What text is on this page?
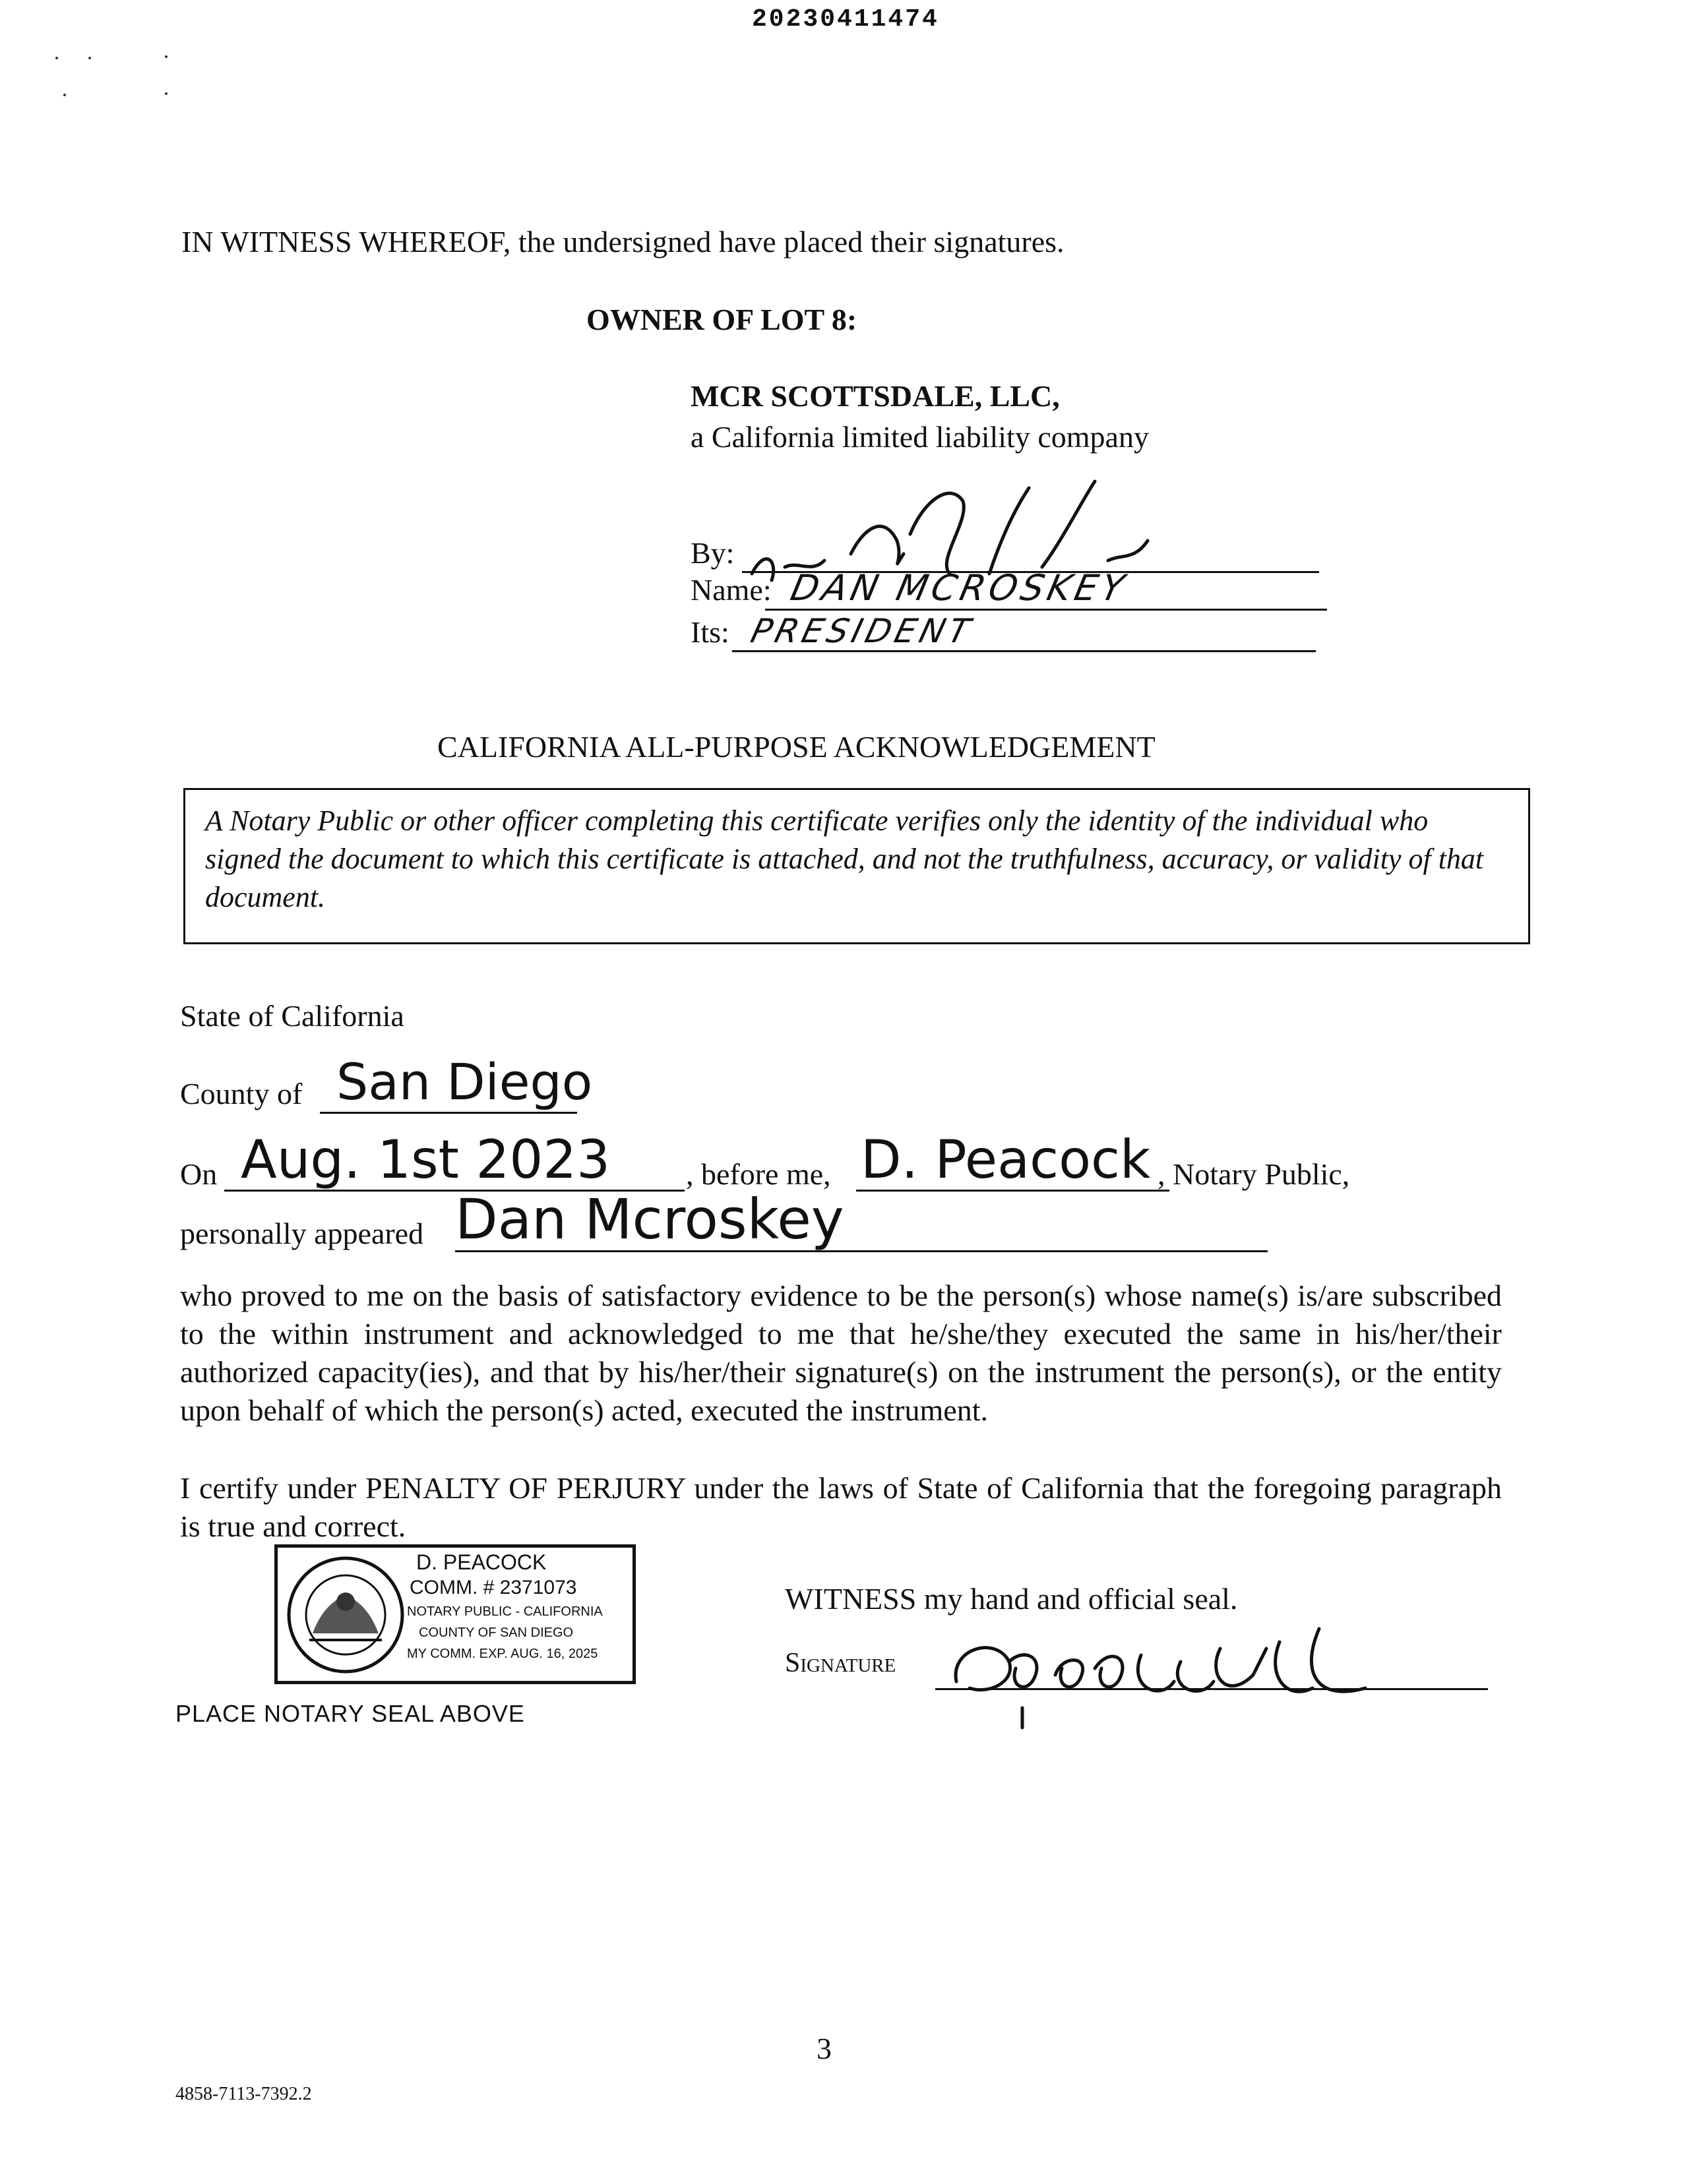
20230411474
IN WITNESS WHEREOF, the undersigned have placed their signatures.
OWNER OF LOT 8:
MCR SCOTTSDALE, LLC,
a California limited liability company
By:
Name: DAN MCROSKEY
Its: PRESIDENT
CALIFORNIA ALL-PURPOSE ACKNOWLEDGEMENT
A Notary Public or other officer completing this certificate verifies only the identity of the individual who signed the document to which this certificate is attached, and not the truthfulness, accuracy, or validity of that document.
State of California
County of San Diego
On Aug. 1st 2023 , before me, D. Peacock , Notary Public,
personally appeared Dan Mcroskey
who proved to me on the basis of satisfactory evidence to be the person(s) whose name(s) is/are subscribed to the within instrument and acknowledged to me that he/she/they executed the same in his/her/their authorized capacity(ies), and that by his/her/their signature(s) on the instrument the person(s), or the entity upon behalf of which the person(s) acted, executed the instrument.
I certify under PENALTY OF PERJURY under the laws of State of California that the foregoing paragraph is true and correct.
D. PEACOCK
COMM. # 2371073
NOTARY PUBLIC - CALIFORNIA
COUNTY OF SAN DIEGO
MY COMM. EXP. AUG. 16, 2025
PLACE NOTARY SEAL ABOVE
WITNESS my hand and official seal.
Signature
3
4858-7113-7392.2
